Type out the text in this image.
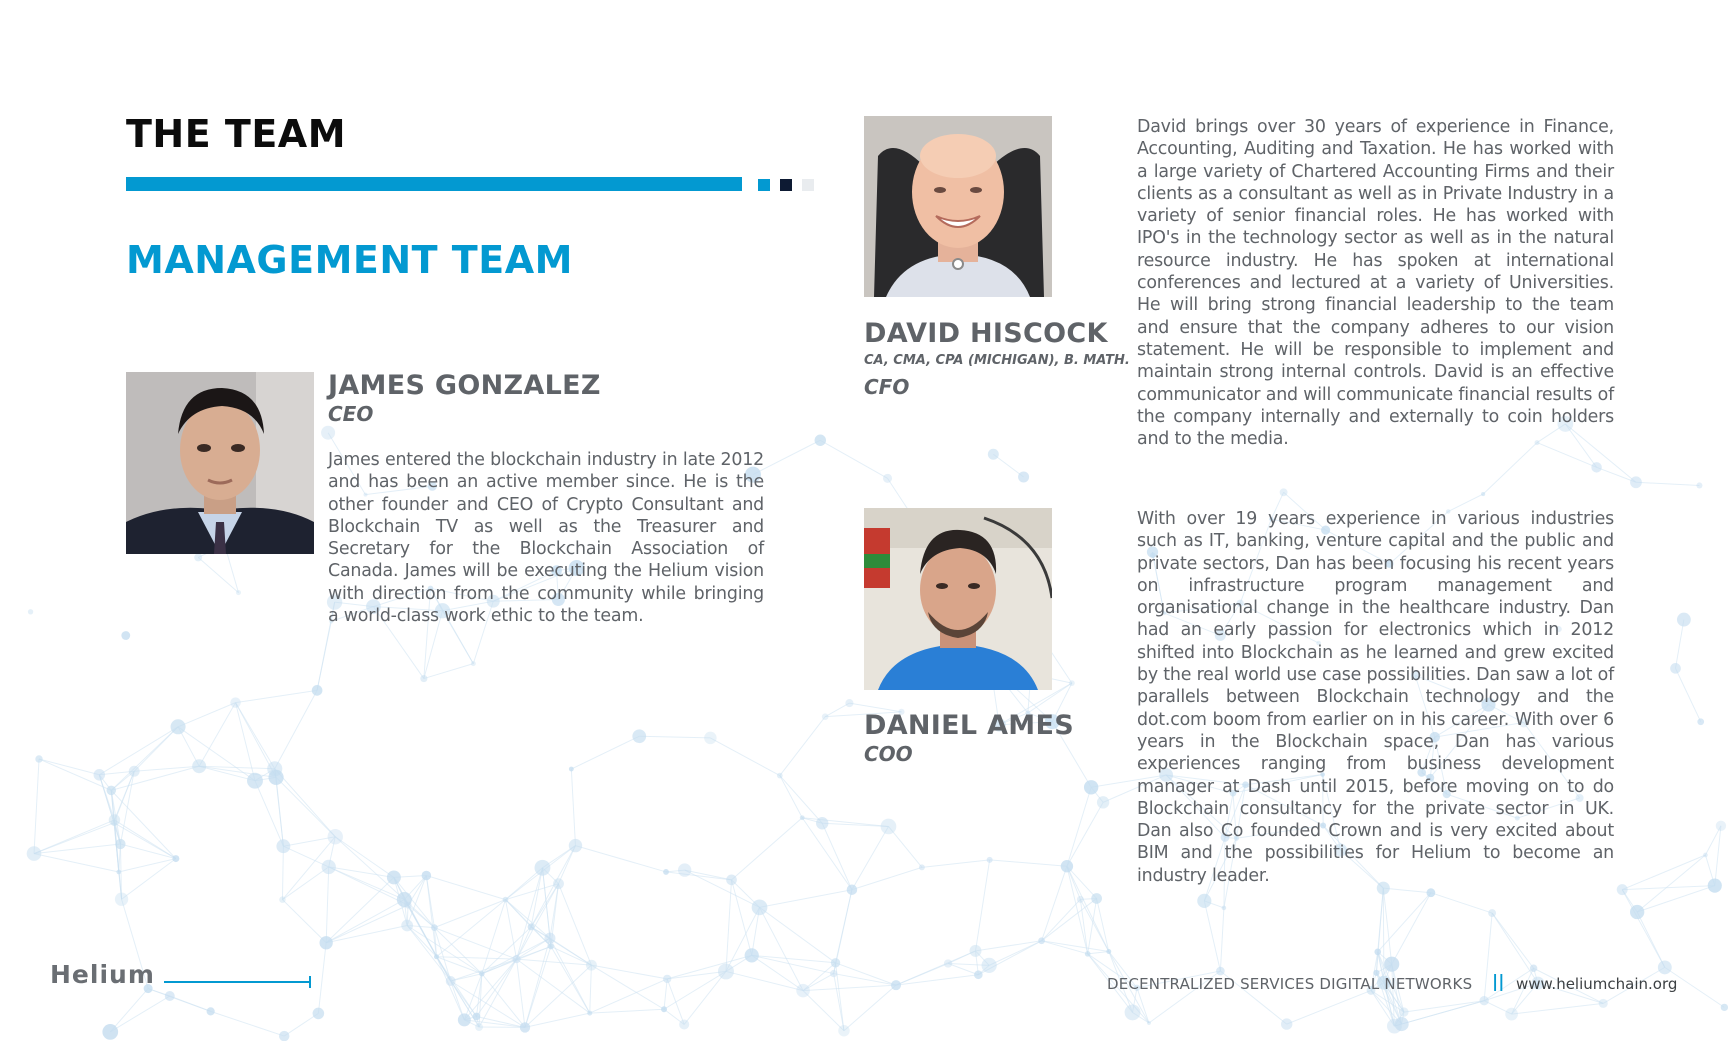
THE TEAM
MANAGEMENT TEAM
JAMES GONZALEZ
CEO

James entered the blockchain industry in late 2012 and has been an active member since. He is the other founder and CEO of Crypto Consultant and Blockchain TV as well as the Treasurer and Secretary for the Blockchain Association of Canada. James will be executing the Helium vision with direction from the community while bringing a world-class work ethic to the team.

DAVID HISCOCK
CA, CMA, CPA (MICHIGAN), B. MATH.
CFO

David brings over 30 years of experience in Finance, Accounting, Auditing and Taxation. He has worked with a large variety of Chartered Accounting Firms and their clients as a consultant as well as in Private Industry in a variety of senior financial roles. He has worked with IPO's in the technology sector as well as in the natural resource industry. He has spoken at international conferences and lectured at a variety of Universities. He will bring strong financial leadership to the team and ensure that the company adheres to our vision statement. He will be responsible to implement and maintain strong internal controls. David is an effective communicator and will communicate financial results of the company internally and externally to coin holders and to the media.

DANIEL AMES
COO

With over 19 years experience in various industries such as IT, banking, venture capital and the public and private sectors, Dan has been focusing his recent years on infrastructure program management and organisational change in the healthcare industry. Dan had an early passion for electronics which in 2012 shifted into Blockchain as he learned and grew excited by the real world use case possibilities. Dan saw a lot of parallels between Blockchain technology and the dot.com boom from earlier on in his career. With over 6 years in the Blockchain space, Dan has various experiences ranging from business development manager at Dash until 2015, before moving on to do Blockchain consultancy for the private sector in UK. Dan also Co founded Crown and is very excited about BIM and the possibilities for Helium to become an industry leader.

Helium	DECENTRALIZED SERVICES DIGITAL NETWORKS || www.heliumchain.org
